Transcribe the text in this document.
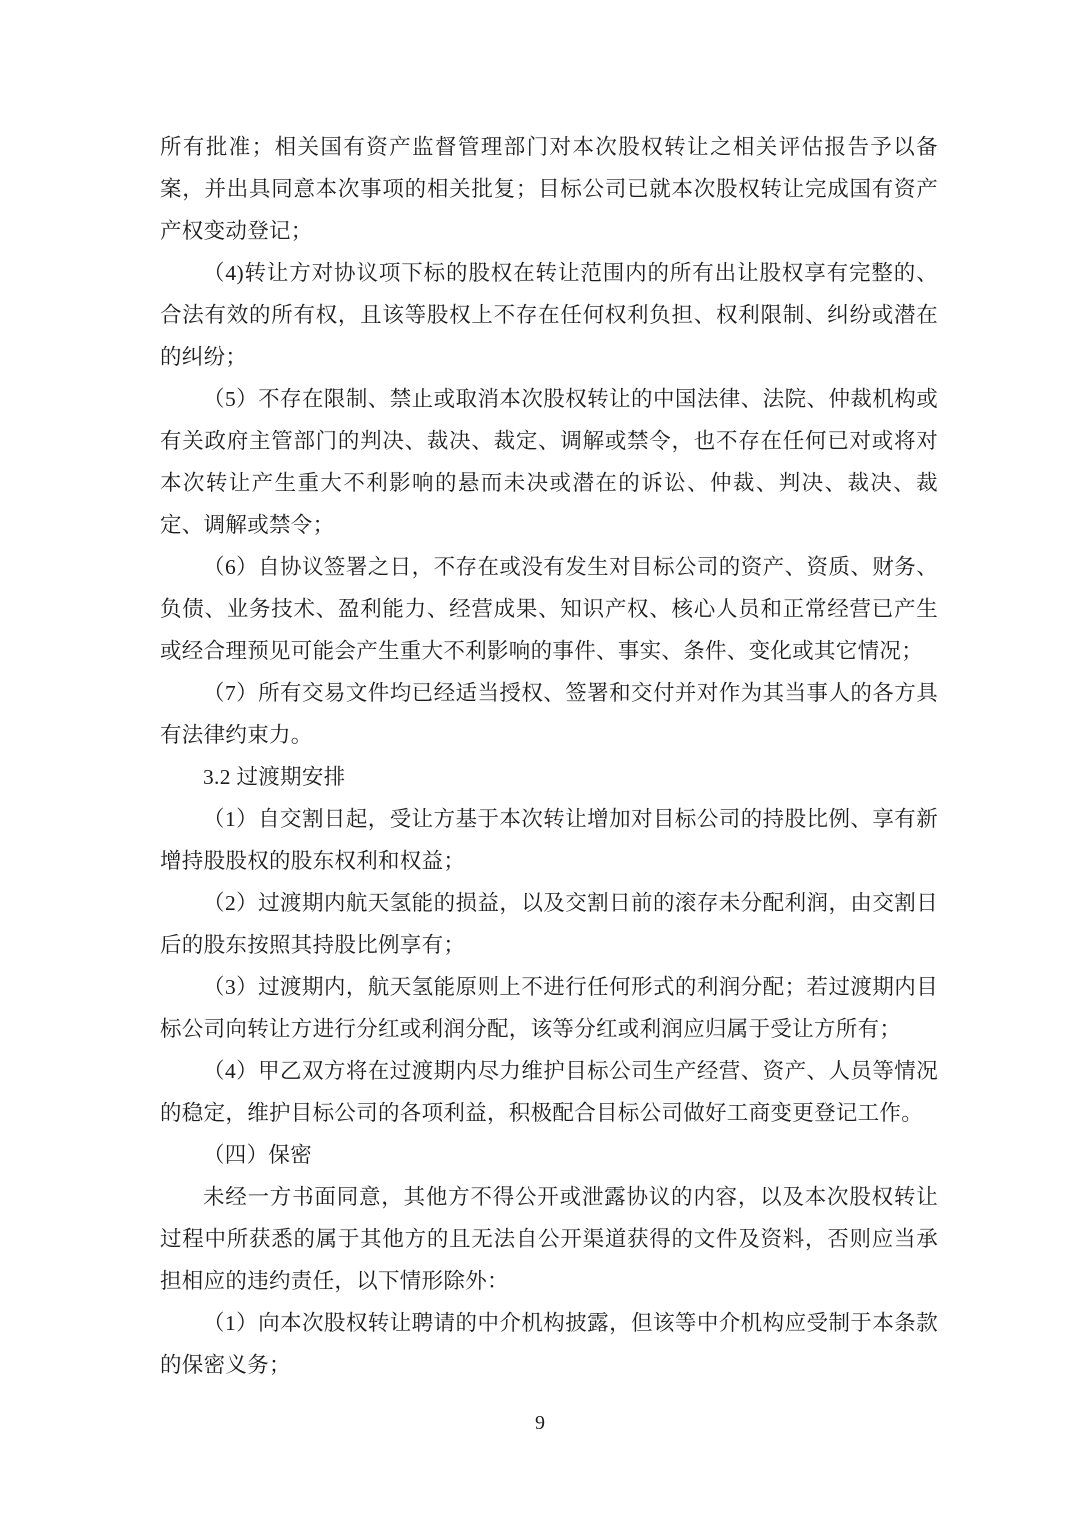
所有批准；相关国有资产监督管理部门对本次股权转让之相关评估报告予以备案，并出具同意本次事项的相关批复；目标公司已就本次股权转让完成国有资产产权变动登记；

（4)转让方对协议项下标的股权在转让范围内的所有出让股权享有完整的、合法有效的所有权，且该等股权上不存在任何权利负担、权利限制、纠纷或潜在的纠纷；

（5）不存在限制、禁止或取消本次股权转让的中国法律、法院、仲裁机构或有关政府主管部门的判决、裁决、裁定、调解或禁令，也不存在任何已对或将对本次转让产生重大不利影响的悬而未决或潜在的诉讼、仲裁、判决、裁决、裁定、调解或禁令；

（6）自协议签署之日，不存在或没有发生对目标公司的资产、资质、财务、负债、业务技术、盈利能力、经营成果、知识产权、核心人员和正常经营已产生或经合理预见可能会产生重大不利影响的事件、事实、条件、变化或其它情况；

（7）所有交易文件均已经适当授权、签署和交付并对作为其当事人的各方具有法律约束力。

3.2 过渡期安排

（1）自交割日起，受让方基于本次转让增加对目标公司的持股比例、享有新增持股股权的股东权利和权益；

（2）过渡期内航天氢能的损益，以及交割日前的滚存未分配利润，由交割日后的股东按照其持股比例享有；

（3）过渡期内，航天氢能原则上不进行任何形式的利润分配；若过渡期内目标公司向转让方进行分红或利润分配，该等分红或利润应归属于受让方所有；

（4）甲乙双方将在过渡期内尽力维护目标公司生产经营、资产、人员等情况的稳定，维护目标公司的各项利益，积极配合目标公司做好工商变更登记工作。

（四）保密

未经一方书面同意，其他方不得公开或泄露协议的内容，以及本次股权转让过程中所获悉的属于其他方的且无法自公开渠道获得的文件及资料，否则应当承担相应的违约责任，以下情形除外：

（1）向本次股权转让聘请的中介机构披露，但该等中介机构应受制于本条款的保密义务；

9
